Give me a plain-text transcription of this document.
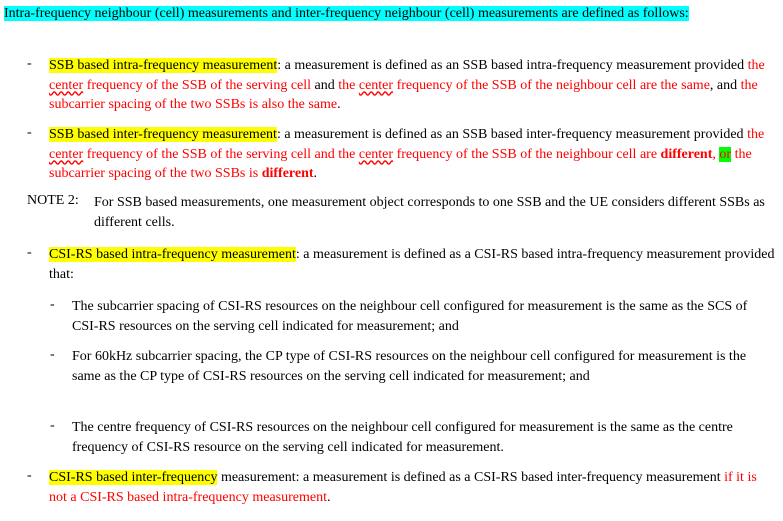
Intra-frequency neighbour (cell) measurements and inter-frequency neighbour (cell) measurements are defined as follows:

- SSB based intra-frequency measurement: a measurement is defined as an SSB based intra-frequency measurement provided the center frequency of the SSB of the serving cell and the center frequency of the SSB of the neighbour cell are the same, and the subcarrier spacing of the two SSBs is also the same.

- SSB based inter-frequency measurement: a measurement is defined as an SSB based inter-frequency measurement provided the center frequency of the SSB of the serving cell and the center frequency of the SSB of the neighbour cell are different, or the subcarrier spacing of the two SSBs is different.

NOTE 2: For SSB based measurements, one measurement object corresponds to one SSB and the UE considers different SSBs as different cells.

- CSI-RS based intra-frequency measurement: a measurement is defined as a CSI-RS based intra-frequency measurement provided that:

- The subcarrier spacing of CSI-RS resources on the neighbour cell configured for measurement is the same as the SCS of CSI-RS resources on the serving cell indicated for measurement; and

- For 60kHz subcarrier spacing, the CP type of CSI-RS resources on the neighbour cell configured for measurement is the same as the CP type of CSI-RS resources on the serving cell indicated for measurement; and

- The centre frequency of CSI-RS resources on the neighbour cell configured for measurement is the same as the centre frequency of CSI-RS resource on the serving cell indicated for measurement.

- CSI-RS based inter-frequency measurement: a measurement is defined as a CSI-RS based inter-frequency measurement if it is not a CSI-RS based intra-frequency measurement.
